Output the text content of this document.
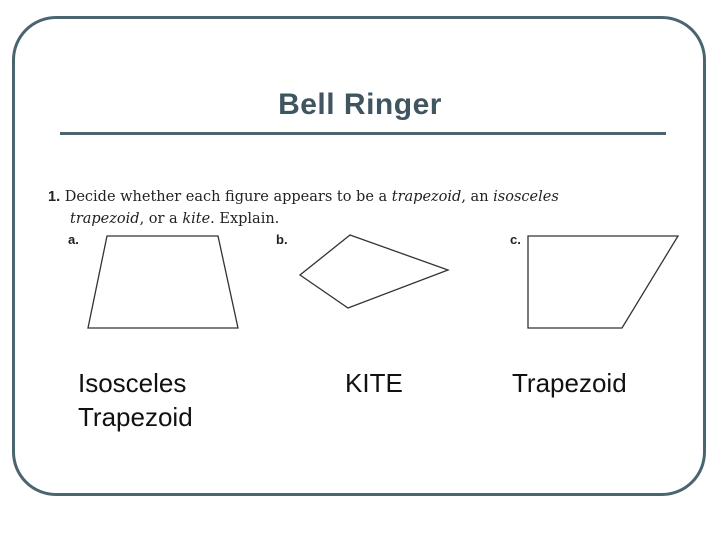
Bell Ringer
1. Decide whether each figure appears to be a trapezoid, an isosceles
trapezoid, or a kite. Explain.
a.	b.	c.
Isosceles
Trapezoid
KITE	Trapezoid
